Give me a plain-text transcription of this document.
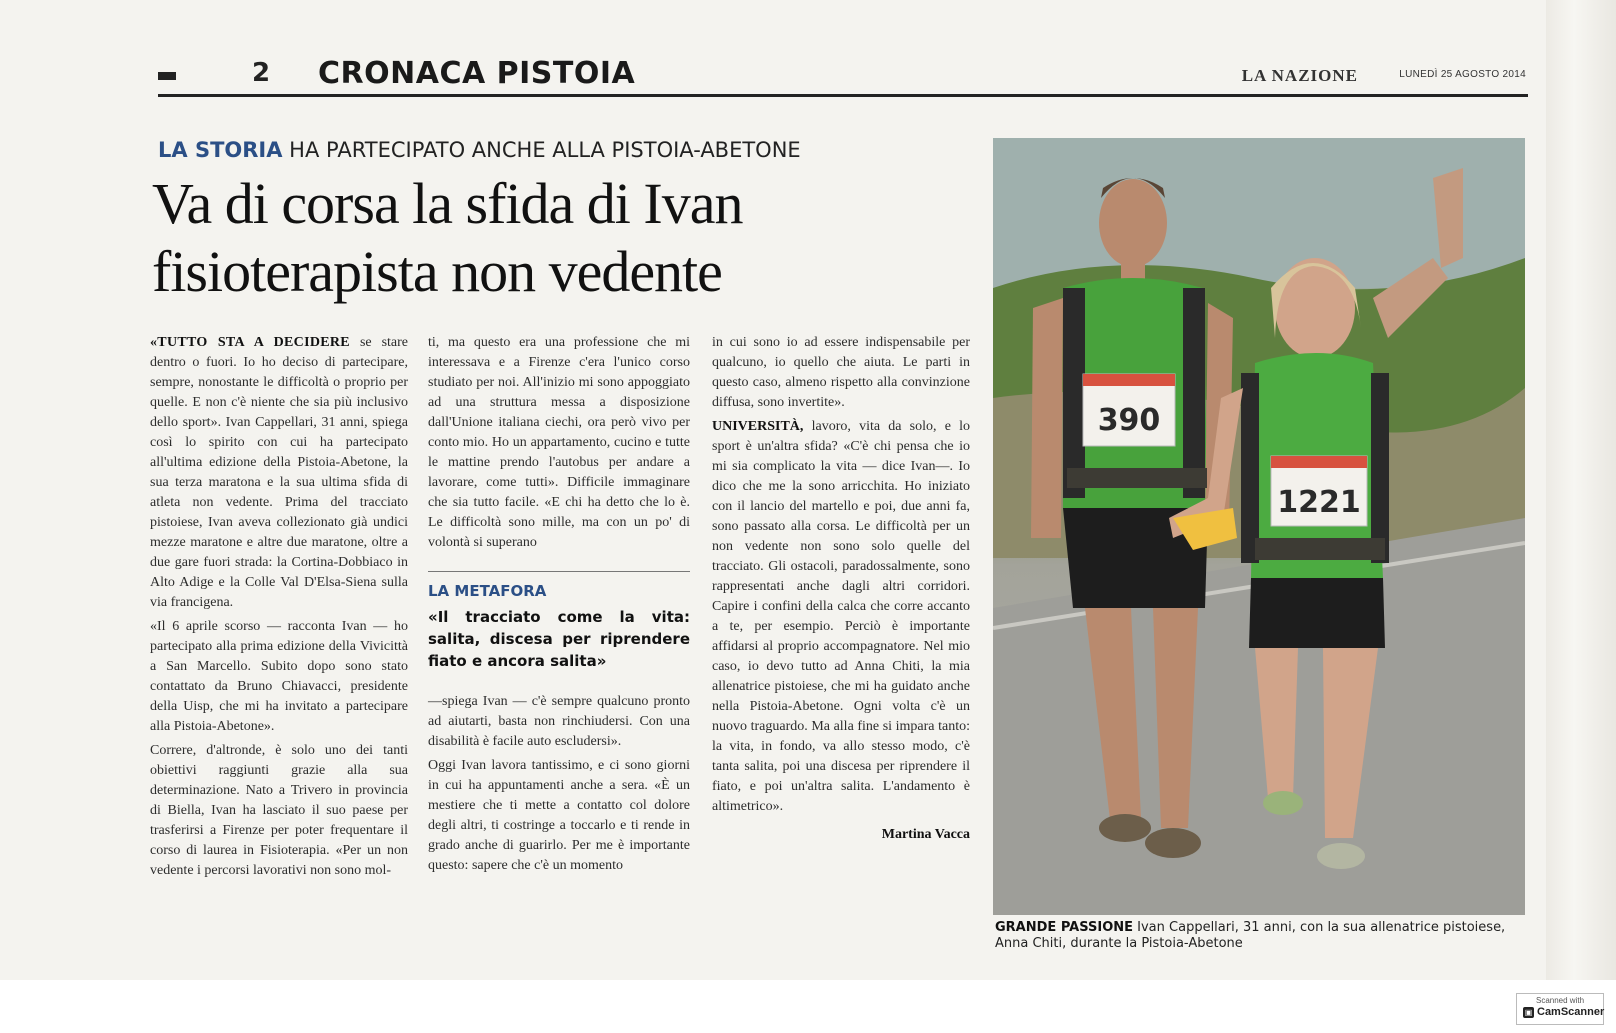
2 CRONACA PISTOIA	LA NAZIONE	LUNEDÌ 25 AGOSTO 2014
LA STORIA HA PARTECIPATO ANCHE ALLA PISTOIA-ABETONE
Va di corsa la sfida di Ivan
fisioterapista non vedente

«TUTTO STA A DECIDERE se stare dentro o fuori. Io ho deciso di partecipare, sempre, nonostante le difficoltà o proprio per quelle. E non c'è niente che sia più inclusivo dello sport». Ivan Cappellari, 31 anni, spiega così lo spirito con cui ha partecipato all'ultima edizione della Pistoia-Abetone, la sua terza maratona e la sua ultima sfida di atleta non vedente. Prima del tracciato pistoiese, Ivan aveva collezionato già undici mezze maratone e altre due maratone, oltre a due gare fuori strada: la Cortina-Dobbiaco in Alto Adige e la Colle Val D'Elsa-Siena sulla via francigena.

«Il 6 aprile scorso — racconta Ivan — ho partecipato alla prima edizione della Vivicittà a San Marcello. Subito dopo sono stato contattato da Bruno Chiavacci, presidente della Uisp, che mi ha invitato a partecipare alla Pistoia-Abetone».

Correre, d'altronde, è solo uno dei tanti obiettivi raggiunti grazie alla sua determinazione. Nato a Trivero in provincia di Biella, Ivan ha lasciato il suo paese per trasferirsi a Firenze per poter frequentare il corso di laurea in Fisioterapia. «Per un non vedente i percorsi lavorativi non sono mol-

ti, ma questo era una professione che mi interessava e a Firenze c'era l'unico corso studiato per noi. All'inizio mi sono appoggiato ad una struttura messa a disposizione dall'Unione italiana ciechi, ora però vivo per conto mio. Ho un appartamento, cucino e tutte le mattine prendo l'autobus per andare a lavorare, come tutti». Difficile immaginare che sia tutto facile. «E chi ha detto che lo è. Le difficoltà sono mille, ma con un po' di volontà si superano

LA METAFORA
«Il tracciato come la vita: salita, discesa per riprendere fiato e ancora salita»

—spiega Ivan — c'è sempre qualcuno pronto ad aiutarti, basta non rinchiudersi. Con una disabilità è facile auto escludersi».

Oggi Ivan lavora tantissimo, e ci sono giorni in cui ha appuntamenti anche a sera. «È un mestiere che ti mette a contatto col dolore degli altri, ti costringe a toccarlo e ti rende in grado anche di guarirlo. Per me è importante questo: sapere che c'è un momento

in cui sono io ad essere indispensabile per qualcuno, io quello che aiuta. Le parti in questo caso, almeno rispetto alla convinzione diffusa, sono invertite».

UNIVERSITÀ, lavoro, vita da solo, e lo sport è un'altra sfida? «C'è chi pensa che io mi sia complicato la vita — dice Ivan—. Io dico che me la sono arricchita. Ho iniziato con il lancio del martello e poi, due anni fa, sono passato alla corsa. Le difficoltà per un non vedente non sono solo quelle del tracciato. Gli ostacoli, paradossalmente, sono rappresentati anche dagli altri corridori. Capire i confini della calca che corre accanto a te, per esempio. Perciò è importante affidarsi al proprio accompagnatore. Nel mio caso, io devo tutto ad Anna Chiti, la mia allenatrice pistoiese, che mi ha guidato anche nella Pistoia-Abetone. Ogni volta c'è un nuovo traguardo. Ma alla fine si impara tanto: la vita, in fondo, va allo stesso modo, c'è tanta salita, poi una discesa per riprendere il fiato, e poi un'altra salita. L'andamento è altimetrico».

Martina Vacca
390
1221
GRANDE PASSIONE Ivan Cappellari, 31 anni, con la sua allenatrice pistoiese, Anna Chiti, durante la Pistoia-Abetone
Scanned with
▣ CamScanner
